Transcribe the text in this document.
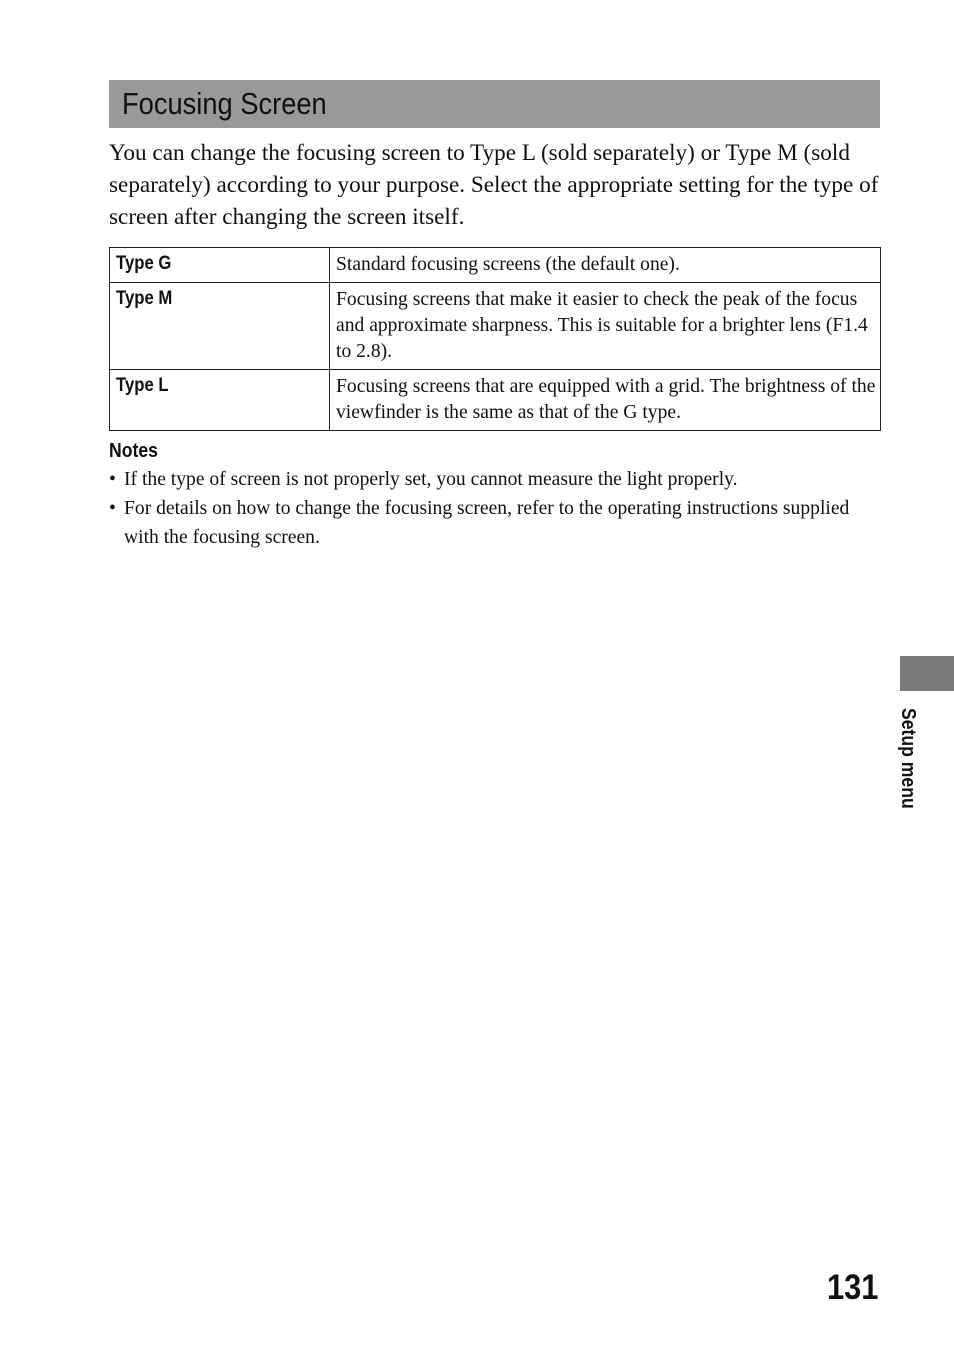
Focusing Screen

You can change the focusing screen to Type L (sold separately) or Type M (sold separately) according to your purpose. Select the appropriate setting for the type of screen after changing the screen itself.

Type G	Standard focusing screens (the default one).
Type M	Focusing screens that make it easier to check the peak of the focus and approximate sharpness. This is suitable for a brighter lens (F1.4 to 2.8).
Type L	Focusing screens that are equipped with a grid. The brightness of the viewfinder is the same as that of the G type.
Notes
• If the type of screen is not properly set, you cannot measure the light properly.
• For details on how to change the focusing screen, refer to the operating instructions supplied with the focusing screen.
Setup menu
131
